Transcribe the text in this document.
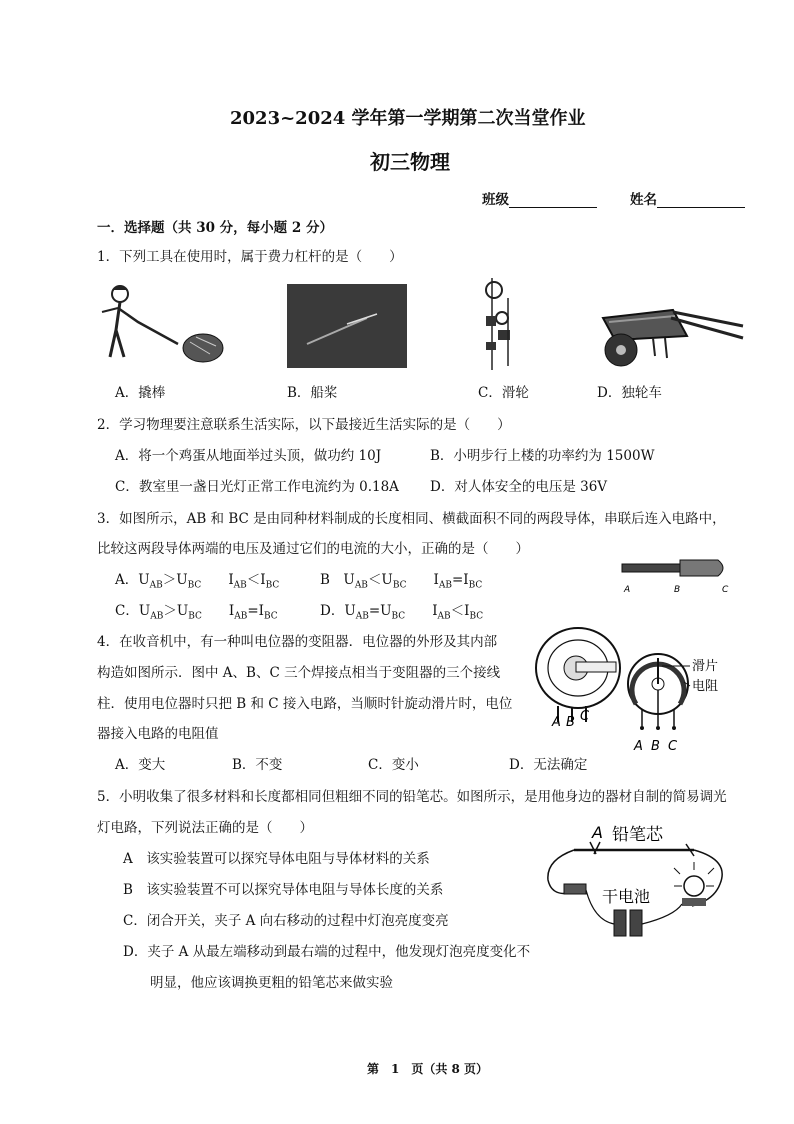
2023~2024 学年第一学期第二次当堂作业
初三物理
班级	姓名
一．选择题（共 30 分，每小题 2 分）
1．下列工具在使用时，属于费力杠杆的是（　　）
A．撬棒	B．船桨	C．滑轮	D．独轮车
2．学习物理要注意联系生活实际，以下最接近生活实际的是（　　）
A．将一个鸡蛋从地面举过头顶，做功约 10J	B．小明步行上楼的功率约为 1500W
C．教室里一盏日光灯正常工作电流约为 0.18A D．对人体安全的电压是 36V
3．如图所示，AB 和 BC 是由同种材料制成的长度相同、横截面积不同的两段导体，串联后连入电路中，
比较这两段导体两端的电压及通过它们的电流的大小，正确的是（　　）
A．$U_{AB}>U_{BC}$　　$I_{AB}<I_{BC}$	B　$U_{AB}<U_{BC}$　　$I_{AB}=I_{BC}$
C．$U_{AB}>U_{BC}$　　$I_{AB}=I_{BC}$	D．$U_{AB}=U_{BC}$　　$I_{AB}<I_{BC}$
A	B	C
4．在收音机中，有一种叫电位器的变阻器．电位器的外形及其内部
构造如图所示．图中 A、B、C 三个焊接点相当于变阻器的三个接线
柱．使用电位器时只把 B 和 C 接入电路，当顺时针旋动滑片时，电位
器接入电路的电阻值
A B C
A B C
滑片
电阻
A．变大	B．不变	C．变小	D．无法确定
5．小明收集了很多材料和长度都相同但粗细不同的铅笔芯。如图所示，是用他身边的器材自制的简易调光
灯电路，下列说法正确的是（　　）
A　该实验装置可以探究导体电阻与导体材料的关系
B　该实验装置不可以探究导体电阻与导体长度的关系
C．闭合开关，夹子 A 向右移动的过程中灯泡亮度变亮
D．夹子 A 从最左端移动到最右端的过程中，他发现灯泡亮度变化不
明显，他应该调换更粗的铅笔芯来做实验
A 铅笔芯
干电池
第　1　页（共 8 页）
